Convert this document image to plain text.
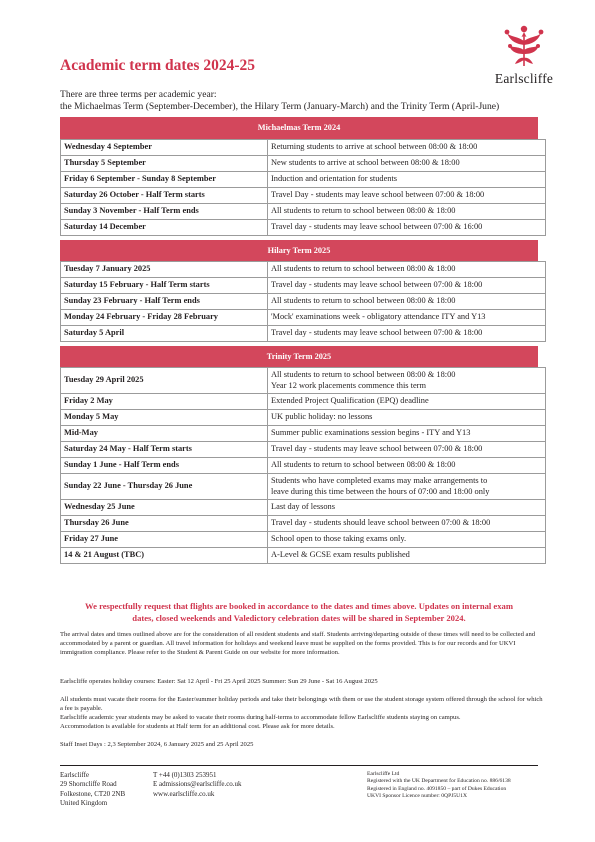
Earlscliffe
Academic term dates 2024-25
There are three terms per academic year:
the Michaelmas Term (September-December), the Hilary Term (January-March) and the Trinity Term (April-June)
Michaelmas Term 2024
Wednesday 4 September	Returning students to arrive at school between 08:00 & 18:00
Thursday 5 September	New students to arrive at school between 08:00 & 18:00
Friday 6 September - Sunday 8 September	Induction and orientation for students
Saturday 26 October - Half Term starts	Travel Day - students may leave school between 07:00 & 18:00
Sunday 3 November - Half Term ends	All students to return to school between 08:00 & 18:00
Saturday 14 December	Travel day - students may leave school between 07:00 & 16:00
Hilary Term 2025
Tuesday 7 January 2025	All students to return to school between 08:00 & 18:00
Saturday 15 February - Half Term starts	Travel day - students may leave school between 07:00 & 18:00
Sunday 23 February - Half Term ends	All students to return to school between 08:00 & 18:00
Monday 24 February - Friday 28 February	'Mock' examinations week - obligatory attendance ITY and Y13
Saturday 5 April	Travel day - students may leave school between 07:00 & 18:00
Trinity Term 2025
Tuesday 29 April 2025	All students to return to school between 08:00 & 18:00
Year 12 work placements commence this term

Friday 2 May	Extended Project Qualification (EPQ) deadline
Monday 5 May	UK public holiday: no lessons
Mid-May	Summer public examinations session begins - ITY and Y13
Saturday 24 May - Half Term starts	Travel day - students may leave school between 07:00 & 18:00
Sunday 1 June - Half Term ends	All students to return to school between 08:00 & 18:00
Sunday 22 June - Thursday 26 June	Students who have completed exams may make arrangements to
leave during this time between the hours of 07:00 and 18:00 only

Wednesday 25 June	Last day of lessons
Thursday 26 June	Travel day - students should leave school between 07:00 & 18:00
Friday 27 June	School open to those taking exams only.
14 & 21 August (TBC)	A-Level & GCSE exam results published
We respectfully request that flights are booked in accordance to the dates and times above. Updates on internal exam
dates, closed weekends and Valedictory celebration dates will be shared in September 2024.

The arrival dates and times outlined above are for the consideration of all resident students and staff. Students arriving/departing outside of these times will need to be collected and accommodated by a parent or guardian. All travel information for holidays and weekend leave must be supplied on the forms provided. This is for our records and for UKVI immigration compliance. Please refer to the Student & Parent Guide on our website for more information.

Earlscliffe operates holiday courses: Easter: Sat 12 April - Fri 25 April 2025 Summer: Sun 29 June - Sat 16 August 2025

All students must vacate their rooms for the Easter/summer holiday periods and take their belongings with them or use the student storage system offered through the school for which a fee is payable.

Earlscliffe academic year students may be asked to vacate their rooms during half-terms to accommodate fellow Earlscliffe students staying on campus.

Accommodation is available for students at Half term for an additional cost. Please ask for more details.

Staff Inset Days : 2,3 September 2024, 6 January 2025 and 25 April 2025

Earlscliffe
29 Shorncliffe Road
Folkestone, CT20 2NB
United Kingdom
T +44 (0)1303 253951
E admissions@earlscliffe.co.uk
www.earlscliffe.co.uk
Earlscliffe Ltd
Registered with the UK Department for Education no. 886/6138
Registered in England no. 4091850 – part of Dukes Education
UKVI Sponsor Licence number: 0QPJ5U1X
